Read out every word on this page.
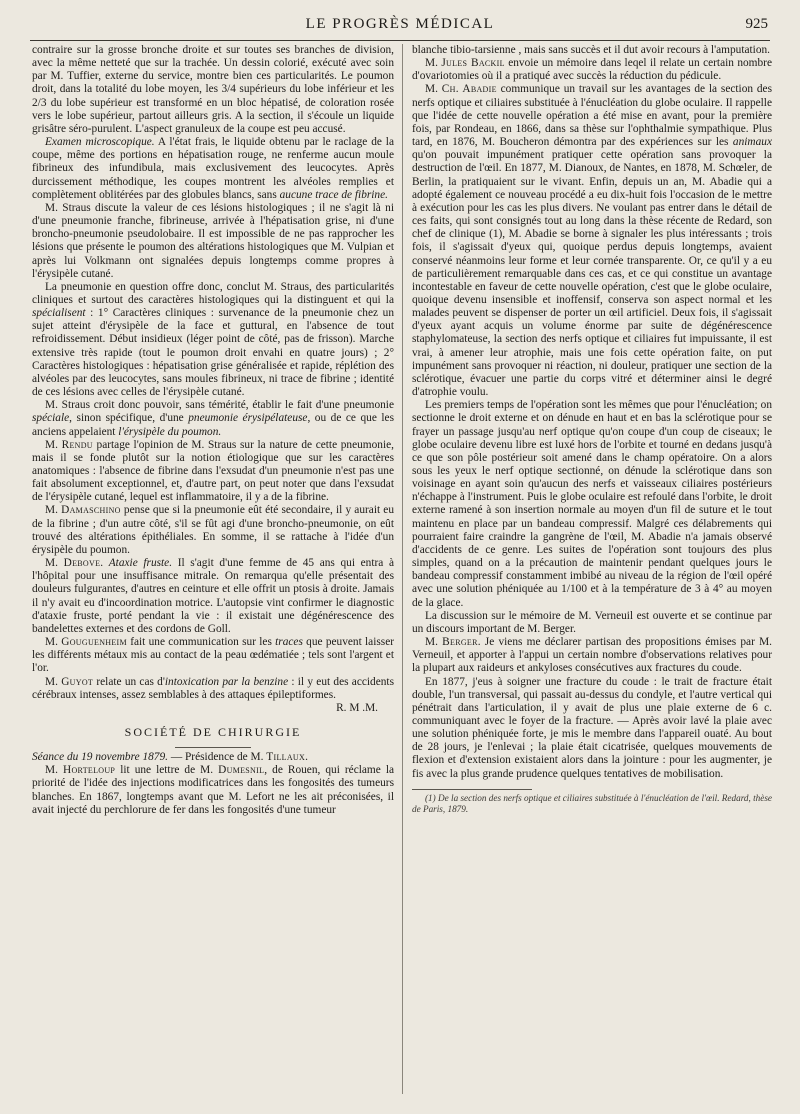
LE PROGRÈS MÉDICAL	925

contraire sur la grosse bronche droite et sur toutes ses branches de division, avec la même netteté que sur la trachée. Un dessin colorié, exécuté avec soin par M. Tuffier, externe du service, montre bien ces particularités. Le poumon droit, dans la totalité du lobe moyen, les 3/4 supérieurs du lobe inférieur et les 2/3 du lobe supérieur est transformé en un bloc hépatisé, de coloration rosée vers le lobe supérieur, partout ailleurs gris. A la section, il s'écoule un liquide grisâtre séro-purulent. L'aspect granuleux de la coupe est peu accusé.

Examen microscopique. A l'état frais, le liquide obtenu par le raclage de la coupe, même des portions en hépatisation rouge, ne renferme aucun moule fibrineux des infundibula, mais exclusivement des leucocytes. Après durcissement méthodique, les coupes montrent les alvéoles remplies et complètement oblitérées par des globules blancs, sans aucune trace de fibrine.

M. Straus discute la valeur de ces lésions histologiques ; il ne s'agit là ni d'une pneumonie franche, fibrineuse, arrivée à l'hépatisation grise, ni d'une broncho-pneumonie pseudolobaire. Il est impossible de ne pas rapprocher les lésions que présente le poumon des altérations histologiques que M. Vulpian et après lui Volkmann ont signalées depuis longtemps comme propres à l'érysipèle cutané.

La pneumonie en question offre donc, conclut M. Straus, des particularités cliniques et surtout des caractères histologiques qui la distinguent et qui la spécialisent : 1° Caractères cliniques : survenance de la pneumonie chez un sujet atteint d'érysipèle de la face et guttural, en l'absence de tout refroidissement. Début insidieux (léger point de côté, pas de frisson). Marche extensive très rapide (tout le poumon droit envahi en quatre jours) ; 2° Caractères histologiques : hépatisation grise généralisée et rapide, réplétion des alvéoles par des leucocytes, sans moules fibrineux, ni trace de fibrine ; identité de ces lésions avec celles de l'érysipèle cutané.

M. Straus croit donc pouvoir, sans témérité, établir le fait d'une pneumonie spéciale, sinon spécifique, d'une pneumonie érysipélateuse, ou de ce que les anciens appelaient l'érysipèle du poumon.

M. Rendu partage l'opinion de M. Straus sur la nature de cette pneumonie, mais il se fonde plutôt sur la notion étiologique que sur les caractères anatomiques : l'absence de fibrine dans l'exsudat d'un pneumonie n'est pas une fait absolument exceptionnel, et, d'autre part, on peut noter que dans l'exsudat de l'érysipèle cutané, lequel est inflammatoire, il y a de la fibrine.

M. Damaschino pense que si la pneumonie eût été secondaire, il y aurait eu de la fibrine ; d'un autre côté, s'il se fût agi d'une broncho-pneumonie, on eût trouvé des altérations épithéliales. En somme, il se rattache à l'idée d'un érysipèle du poumon.

M. Debove. Ataxie fruste. Il s'agit d'une femme de 45 ans qui entra à l'hôpital pour une insuffisance mitrale. On remarqua qu'elle présentait des douleurs fulgurantes, d'autres en ceinture et elle offrit un ptosis à droite. Jamais il n'y avait eu d'incoordination motrice. L'autopsie vint confirmer le diagnostic d'ataxie fruste, porté pendant la vie : il existait une dégénérescence des bandelettes externes et des cordons de Goll.

M. Gouguenheim fait une communication sur les traces que peuvent laisser les différents métaux mis au contact de la peau œdématiée ; tels sont l'argent et l'or.

M. Guyot relate un cas d'intoxication par la benzine : il y eut des accidents cérébraux intenses, assez semblables à des attaques épileptiformes.

R. M .M.

SOCIÉTÉ DE CHIRURGIE

Séance du 19 novembre 1879. — Présidence de M. Tillaux.

M. Horteloup lit une lettre de M. Dumesnil, de Rouen, qui réclame la priorité de l'idée des injections modificatrices dans les fongosités des tumeurs blanches. En 1867, longtemps avant que M. Lefort ne les ait préconisées, il avait injecté du perchlorure de fer dans les fongosités d'une tumeur

blanche tibio-tarsienne , mais sans succès et il dut avoir recours à l'amputation.

M. Jules Backil envoie un mémoire dans leqel il relate un certain nombre d'ovariotomies où il a pratiqué avec succès la réduction du pédicule.

M. Ch. Abadie communique un travail sur les avantages de la section des nerfs optique et ciliaires substituée à l'énucléation du globe oculaire. Il rappelle que l'idée de cette nouvelle opération a été mise en avant, pour la première fois, par Rondeau, en 1866, dans sa thèse sur l'ophthalmie sympathique. Plus tard, en 1876, M. Boucheron démontra par des expériences sur les animaux qu'on pouvait impunément pratiquer cette opération sans provoquer la destruction de l'œil. En 1877, M. Dianoux, de Nantes, en 1878, M. Schœler, de Berlin, la pratiquaient sur le vivant. Enfin, depuis un an, M. Abadie qui a adopté également ce nouveau procédé a eu dix-huit fois l'occasion de le mettre à exécution pour les cas les plus divers. Ne voulant pas entrer dans le détail de ces faits, qui sont consignés tout au long dans la thèse récente de Redard, son chef de clinique (1), M. Abadie se borne à signaler les plus intéressants ; trois fois, il s'agissait d'yeux qui, quoique perdus depuis longtemps, avaient conservé néanmoins leur forme et leur cornée transparente. Or, ce qu'il y a eu de particulièrement remarquable dans ces cas, et ce qui constitue un avantage incontestable en faveur de cette nouvelle opération, c'est que le globe oculaire, quoique devenu insensible et inoffensif, conserva son aspect normal et les malades peuvent se dispenser de porter un œil artificiel. Deux fois, il s'agissait d'yeux ayant acquis un volume énorme par suite de dégénérescence staphylomateuse, la section des nerfs optique et ciliaires fut impuissante, il est vrai, à amener leur atrophie, mais une fois cette opération faite, on put impunément sans provoquer ni réaction, ni douleur, pratiquer une section de la sclérotique, évacuer une partie du corps vitré et déterminer ainsi le degré d'atrophie voulu.

Les premiers temps de l'opération sont les mêmes que pour l'énucléation; on sectionne le droit externe et on dénude en haut et en bas la sclérotique pour se frayer un passage jusqu'au nerf optique qu'on coupe d'un coup de ciseaux; le globe oculaire devenu libre est luxé hors de l'orbite et tourné en dedans jusqu'à ce que son pôle postérieur soit amené dans le champ opératoire. On a alors sous les yeux le nerf optique sectionné, on dénude la sclérotique dans son voisinage en ayant soin qu'aucun des nerfs et vaisseaux ciliaires postérieurs n'échappe à l'instrument. Puis le globe oculaire est refoulé dans l'orbite, le droit externe ramené à son insertion normale au moyen d'un fil de suture et le tout maintenu en place par un bandeau compressif. Malgré ces délabrements qui pourraient faire craindre la gangrène de l'œil, M. Abadie n'a jamais observé d'accidents de ce genre. Les suites de l'opération sont toujours des plus simples, quand on a la précaution de maintenir pendant quelques jours le bandeau compressif constamment imbibé au niveau de la région de l'œil opéré avec une solution phéniquée au 1/100 et à la température de 3 à 4° au moyen de la glace.

La discussion sur le mémoire de M. Verneuil est ouverte et se continue par un discours important de M. Berger.

M. Berger. Je viens me déclarer partisan des propositions émises par M. Verneuil, et apporter à l'appui un certain nombre d'observations relatives pour la plupart aux raideurs et ankyloses consécutives aux fractures du coude.

En 1877, j'eus à soigner une fracture du coude : le trait de fracture était double, l'un transversal, qui passait au-dessus du condyle, et l'autre vertical qui pénétrait dans l'articulation, il y avait de plus une plaie externe de 6 c. communiquant avec le foyer de la fracture. — Après avoir lavé la plaie avec une solution phéniquée forte, je mis le membre dans l'appareil ouaté. Au bout de 28 jours, je l'enlevai ; la plaie était cicatrisée, quelques mouvements de flexion et d'extension existaient alors dans la jointure : pour les augmenter, je fis avec la plus grande prudence quelques tentatives de mobilisation.

(1) De la section des nerfs optique et ciliaires substituée à l'énucléation de l'œil. Redard, thèse de Paris, 1879.
